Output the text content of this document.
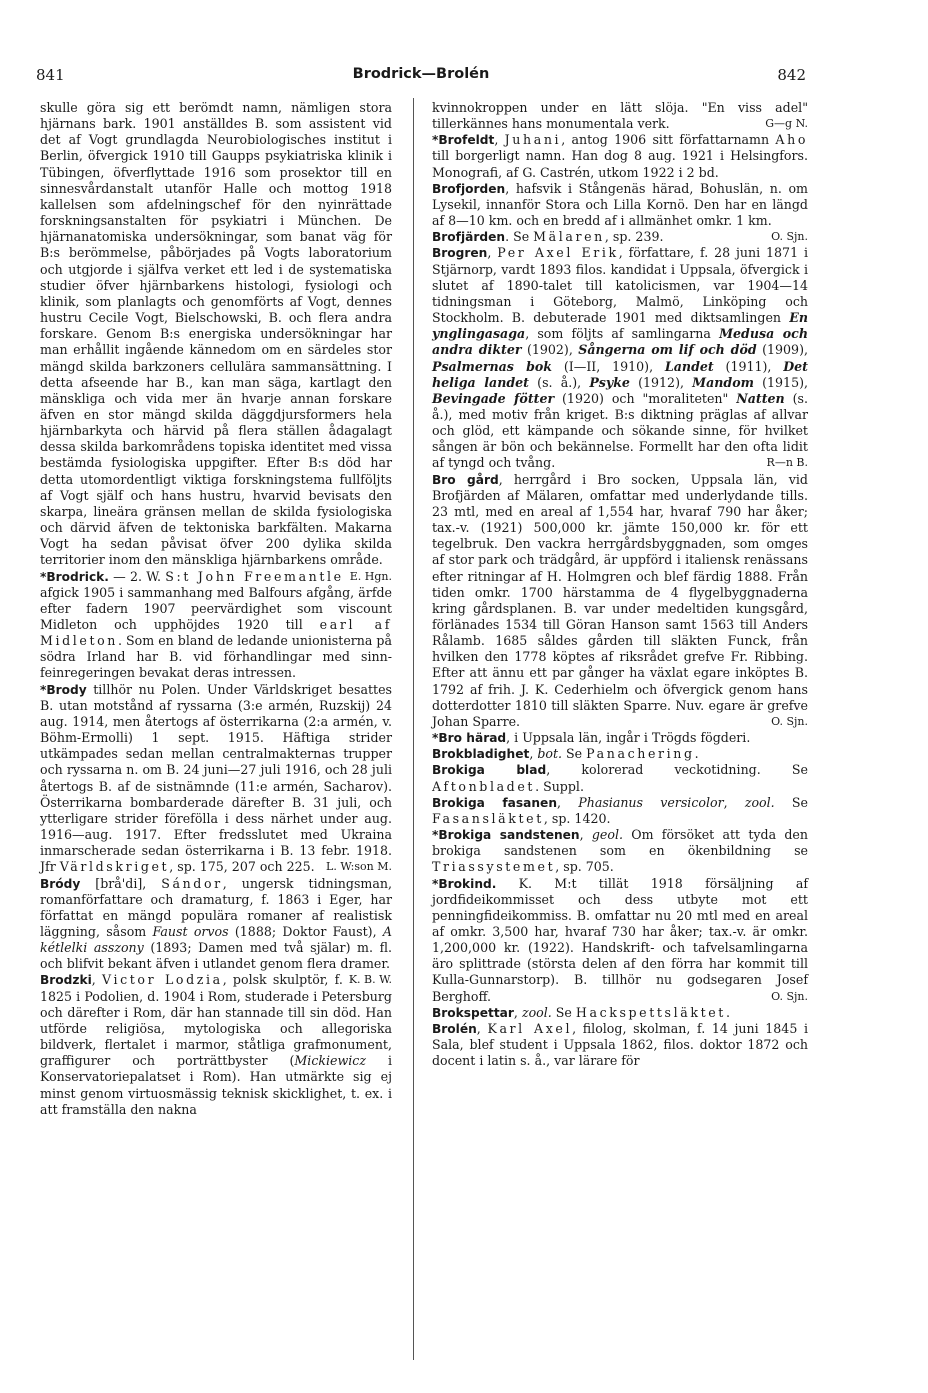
841	Brodrick—Brolén	842

skulle göra sig ett berömdt namn, nämligen stora hjärnans bark. 1901 anställdes B. som assistent vid det af Vogt grundlagda Neurobiologisches institut i Berlin, öfvergick 1910 till Gaupps psykiatriska klinik i Tübingen, öfverflyttade 1916 som prosektor till en sinnesvårdanstalt utanför Halle och mottog 1918 kallelsen som afdelningschef för den nyinrättade forskningsanstalten för psykiatri i München. De hjärnanatomiska undersökningar, som banat väg för B:s berömmelse, påbörjades på Vogts laboratorium och utgjorde i själfva verket ett led i de systematiska studier öfver hjärnbarkens histologi, fysiologi och klinik, som planlagts och genomförts af Vogt, dennes hustru Cecile Vogt, Bielschowski, B. och flera andra forskare. Genom B:s energiska undersökningar har man erhållit ingående kännedom om en särdeles stor mängd skilda barkzoners cellulära sammansättning. I detta afseende har B., kan man säga, kartlagt den mänskliga och vida mer än hvarje annan forskare äfven en stor mängd skilda däggdjursformers hela hjärnbarkyta och härvid på flera ställen ådagalagt dessa skilda barkområdens topiska identitet med vissa bestämda fysiologiska uppgifter. Efter B:s död har detta utomordentligt viktiga forskningstema fullföljts af Vogt själf och hans hustru, hvarvid bevisats den skarpa, lineära gränsen mellan de skilda fysiologiska och därvid äfven de tektoniska barkfälten. Makarna Vogt ha sedan påvisat öfver 200 dylika skilda territorier inom den mänskliga hjärnbarkens område.
E. Hgn.

*Brodrick. — 2. W. S:t John Freemantle afgick 1905 i sammanhang med Balfours afgång, ärfde efter fadern 1907 peervärdighet som viscount Midleton och upphöjdes 1920 till earl af Midleton. Som en bland de ledande unionisterna på södra Irland har B. vid förhandlingar med sinn-feinregeringen bevakat deras intressen.

*Brody tillhör nu Polen. Under Världskriget besattes B. utan motstånd af ryssarna (3:e armén, Ruzskij) 24 aug. 1914, men återtogs af österrikarna (2:a armén, v. Böhm-Ermolli) 1 sept. 1915. Häftiga strider utkämpades sedan mellan centralmakternas trupper och ryssarna n. om B. 24 juni—27 juli 1916, och 28 juli återtogs B. af de sistnämnde (11:e armén, Sacharov). Österrikarna bombarderade därefter B. 31 juli, och ytterligare strider förefölla i dess närhet under aug. 1916—aug. 1917. Efter fredsslutet med Ukraina inmarscherade sedan österrikarna i B. 13 febr. 1918. Jfr Världskriget, sp. 175, 207 och 225. L. W:son M.

Bródy [brå'di], Sándor, ungersk tidningsman, romanförfattare och dramaturg, f. 1863 i Eger, har författat en mängd populära romaner af realistisk läggning, såsom Faust orvos (1888; Doktor Faust), A kétlelki asszony (1893; Damen med två själar) m. fl. och blifvit bekant äfven i utlandet genom flera dramer.
K. B. W.

Brodzki, Victor Lodzia, polsk skulptör, f. 1825 i Podolien, d. 1904 i Rom, studerade i Petersburg och därefter i Rom, där han stannade till sin död. Han utförde religiösa, mytologiska och allegoriska bildverk, flertalet i marmor, ståtliga grafmonument, graffigurer och porträttbyster (Mickiewicz i Konservatoriepalatset i Rom). Han utmärkte sig ej minst genom virtuosmässig teknisk skicklighet, t. ex. i att framställa den nakna

kvinnokroppen under en lätt slöja. "En viss adel" tillerkännes hans monumentala verk.	G—g N.

*Brofeldt, Juhani, antog 1906 sitt författarnamn Aho till borgerligt namn. Han dog 8 aug. 1921 i Helsingfors. Monografi, af G. Castrén, utkom 1922 i 2 bd.

Brofjorden, hafsvik i Stångenäs härad, Bohuslän, n. om Lysekil, innanför Stora och Lilla Kornö. Den har en längd af 8—10 km. och en bredd af i allmänhet omkr. 1 km.
O. Sjn.

Brofjärden. Se Mälaren, sp. 239.

Brogren, Per Axel Erik, författare, f. 28 juni 1871 i Stjärnorp, vardt 1893 filos. kandidat i Uppsala, öfvergick i slutet af 1890-talet till katolicismen, var 1904—14 tidningsman i Göteborg, Malmö, Linköping och Stockholm. B. debuterade 1901 med diktsamlingen En ynglingasaga, som följts af samlingarna Medusa och andra dikter (1902), Sångerna om lif och död (1909), Psalmernas bok (I—II, 1910), Landet (1911), Det heliga landet (s. å.), Psyke (1912), Mandom (1915), Bevingade fötter (1920) och "moraliteten" Natten (s. å.), med motiv från kriget. B:s diktning präglas af allvar och glöd, ett kämpande och sökande sinne, för hvilket sången är bön och bekännelse. Formellt har den ofta lidit af tyngd och tvång.	R—n B.

Bro gård, herrgård i Bro socken, Uppsala län, vid Brofjärden af Mälaren, omfattar med underlydande tills. 23 mtl, med en areal af 1,554 har, hvaraf 790 har åker; tax.-v. (1921) 500,000 kr. jämte 150,000 kr. för ett tegelbruk. Den vackra herrgårdsbyggnaden, som omges af stor park och trädgård, är uppförd i italiensk renässans efter ritningar af H. Holmgren och blef färdig 1888. Från tiden omkr. 1700 härstamma de 4 flygelbyggnaderna kring gårdsplanen. B. var under medeltiden kungsgård, förlänades 1534 till Göran Hanson samt 1563 till Anders Rålamb. 1685 såldes gården till släkten Funck, från hvilken den 1778 köptes af riksrådet grefve Fr. Ribbing. Efter att ännu ett par gånger ha växlat egare inköptes B. 1792 af frih. J. K. Cederhielm och öfvergick genom hans dotterdotter 1810 till släkten Sparre. Nuv. egare är grefve Johan Sparre.	O. Sjn.

*Bro härad, i Uppsala län, ingår i Trögds fögderi.

Brokbladighet, bot. Se Panachering.

Brokiga blad, kolorerad veckotidning. Se Aftonbladet. Suppl.

Brokiga fasanen, Phasianus versicolor, zool. Se Fasansläktet, sp. 1420.

*Brokiga sandstenen, geol. Om försöket att tyda den brokiga sandstenen som en ökenbildning se Triassystemet, sp. 705.

*Brokind. K. M:t tillät 1918 försäljning af jordfideikommisset och dess utbyte mot ett penningfideikommiss. B. omfattar nu 20 mtl med en areal af omkr. 3,500 har, hvaraf 730 har åker; tax.-v. är omkr. 1,200,000 kr. (1922). Handskrift- och tafvelsamlingarna äro splittrade (största delen af den förra har kommit till Kulla-Gunnarstorp). B. tillhör nu godsegaren Josef Berghoff.	O. Sjn.

Brokspettar, zool. Se Hackspettsläktet.

Brolén, Karl Axel, filolog, skolman, f. 14 juni 1845 i Sala, blef student i Uppsala 1862, filos. doktor 1872 och docent i latin s. å., var lärare för
